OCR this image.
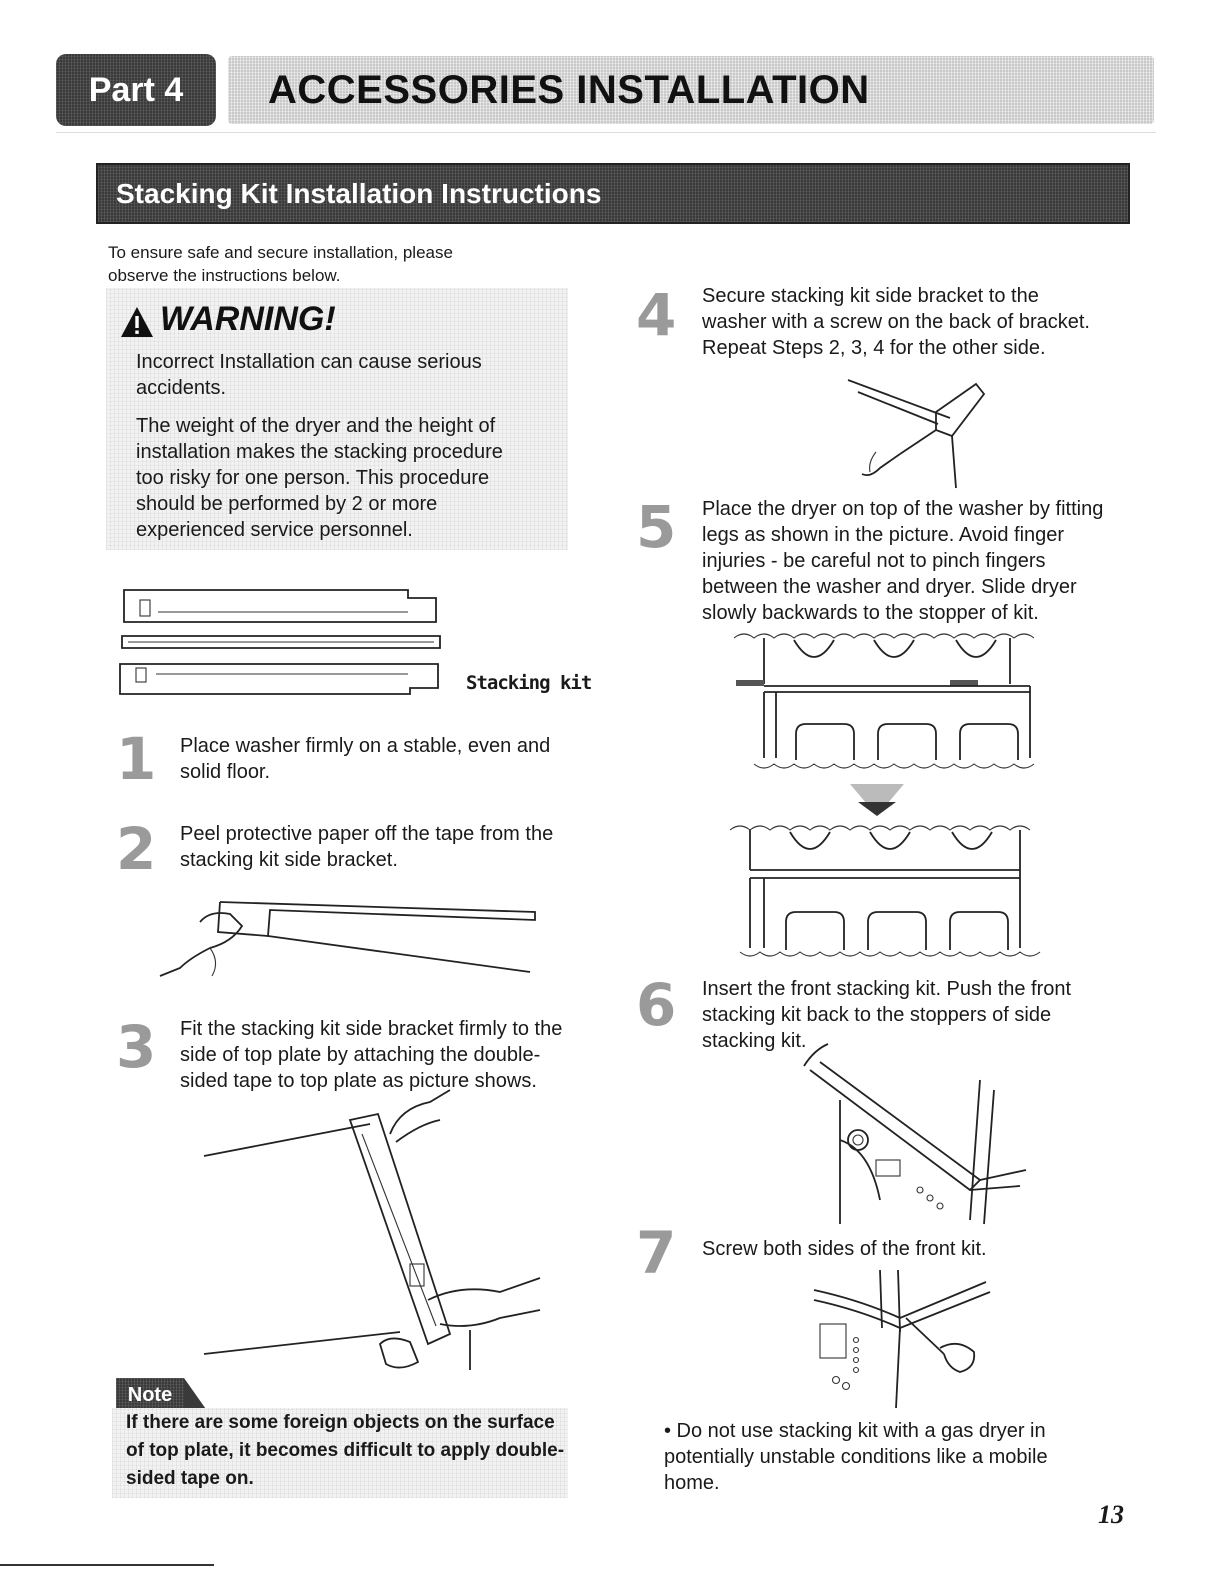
Part 4	ACCESSORIES INSTALLATION
Stacking Kit Installation Instructions
To ensure safe and secure installation, please
observe the instructions below.
WARNING!
Incorrect Installation can cause serious
accidents.
The weight of the dryer and the height of
installation makes the stacking procedure
too risky for one person. This procedure
should be performed by 2 or more
experienced service personnel.
Stacking kit
1 Place washer firmly on a stable, even and
solid floor.
2 Peel protective paper off the tape from the
stacking kit side bracket.
3 Fit the stacking kit side bracket firmly to the
side of top plate by attaching the double-
sided tape to top plate as picture shows.
Note
If there are some foreign objects on the surface
of top plate, it becomes difficult to apply double-
sided tape on.
4 Secure stacking kit side bracket to the
washer with a screw on the back of bracket.
Repeat Steps 2, 3, 4 for the other side.
5 Place the dryer on top of the washer by fitting
legs as shown in the picture. Avoid finger
injuries - be careful not to pinch fingers
between the washer and dryer. Slide dryer
slowly backwards to the stopper of kit.
6 Insert the front stacking kit. Push the front
stacking kit back to the stoppers of side
stacking kit.
7 Screw both sides of the front kit.
• Do not use stacking kit with a gas dryer in
potentially unstable conditions like a mobile
home.
13
